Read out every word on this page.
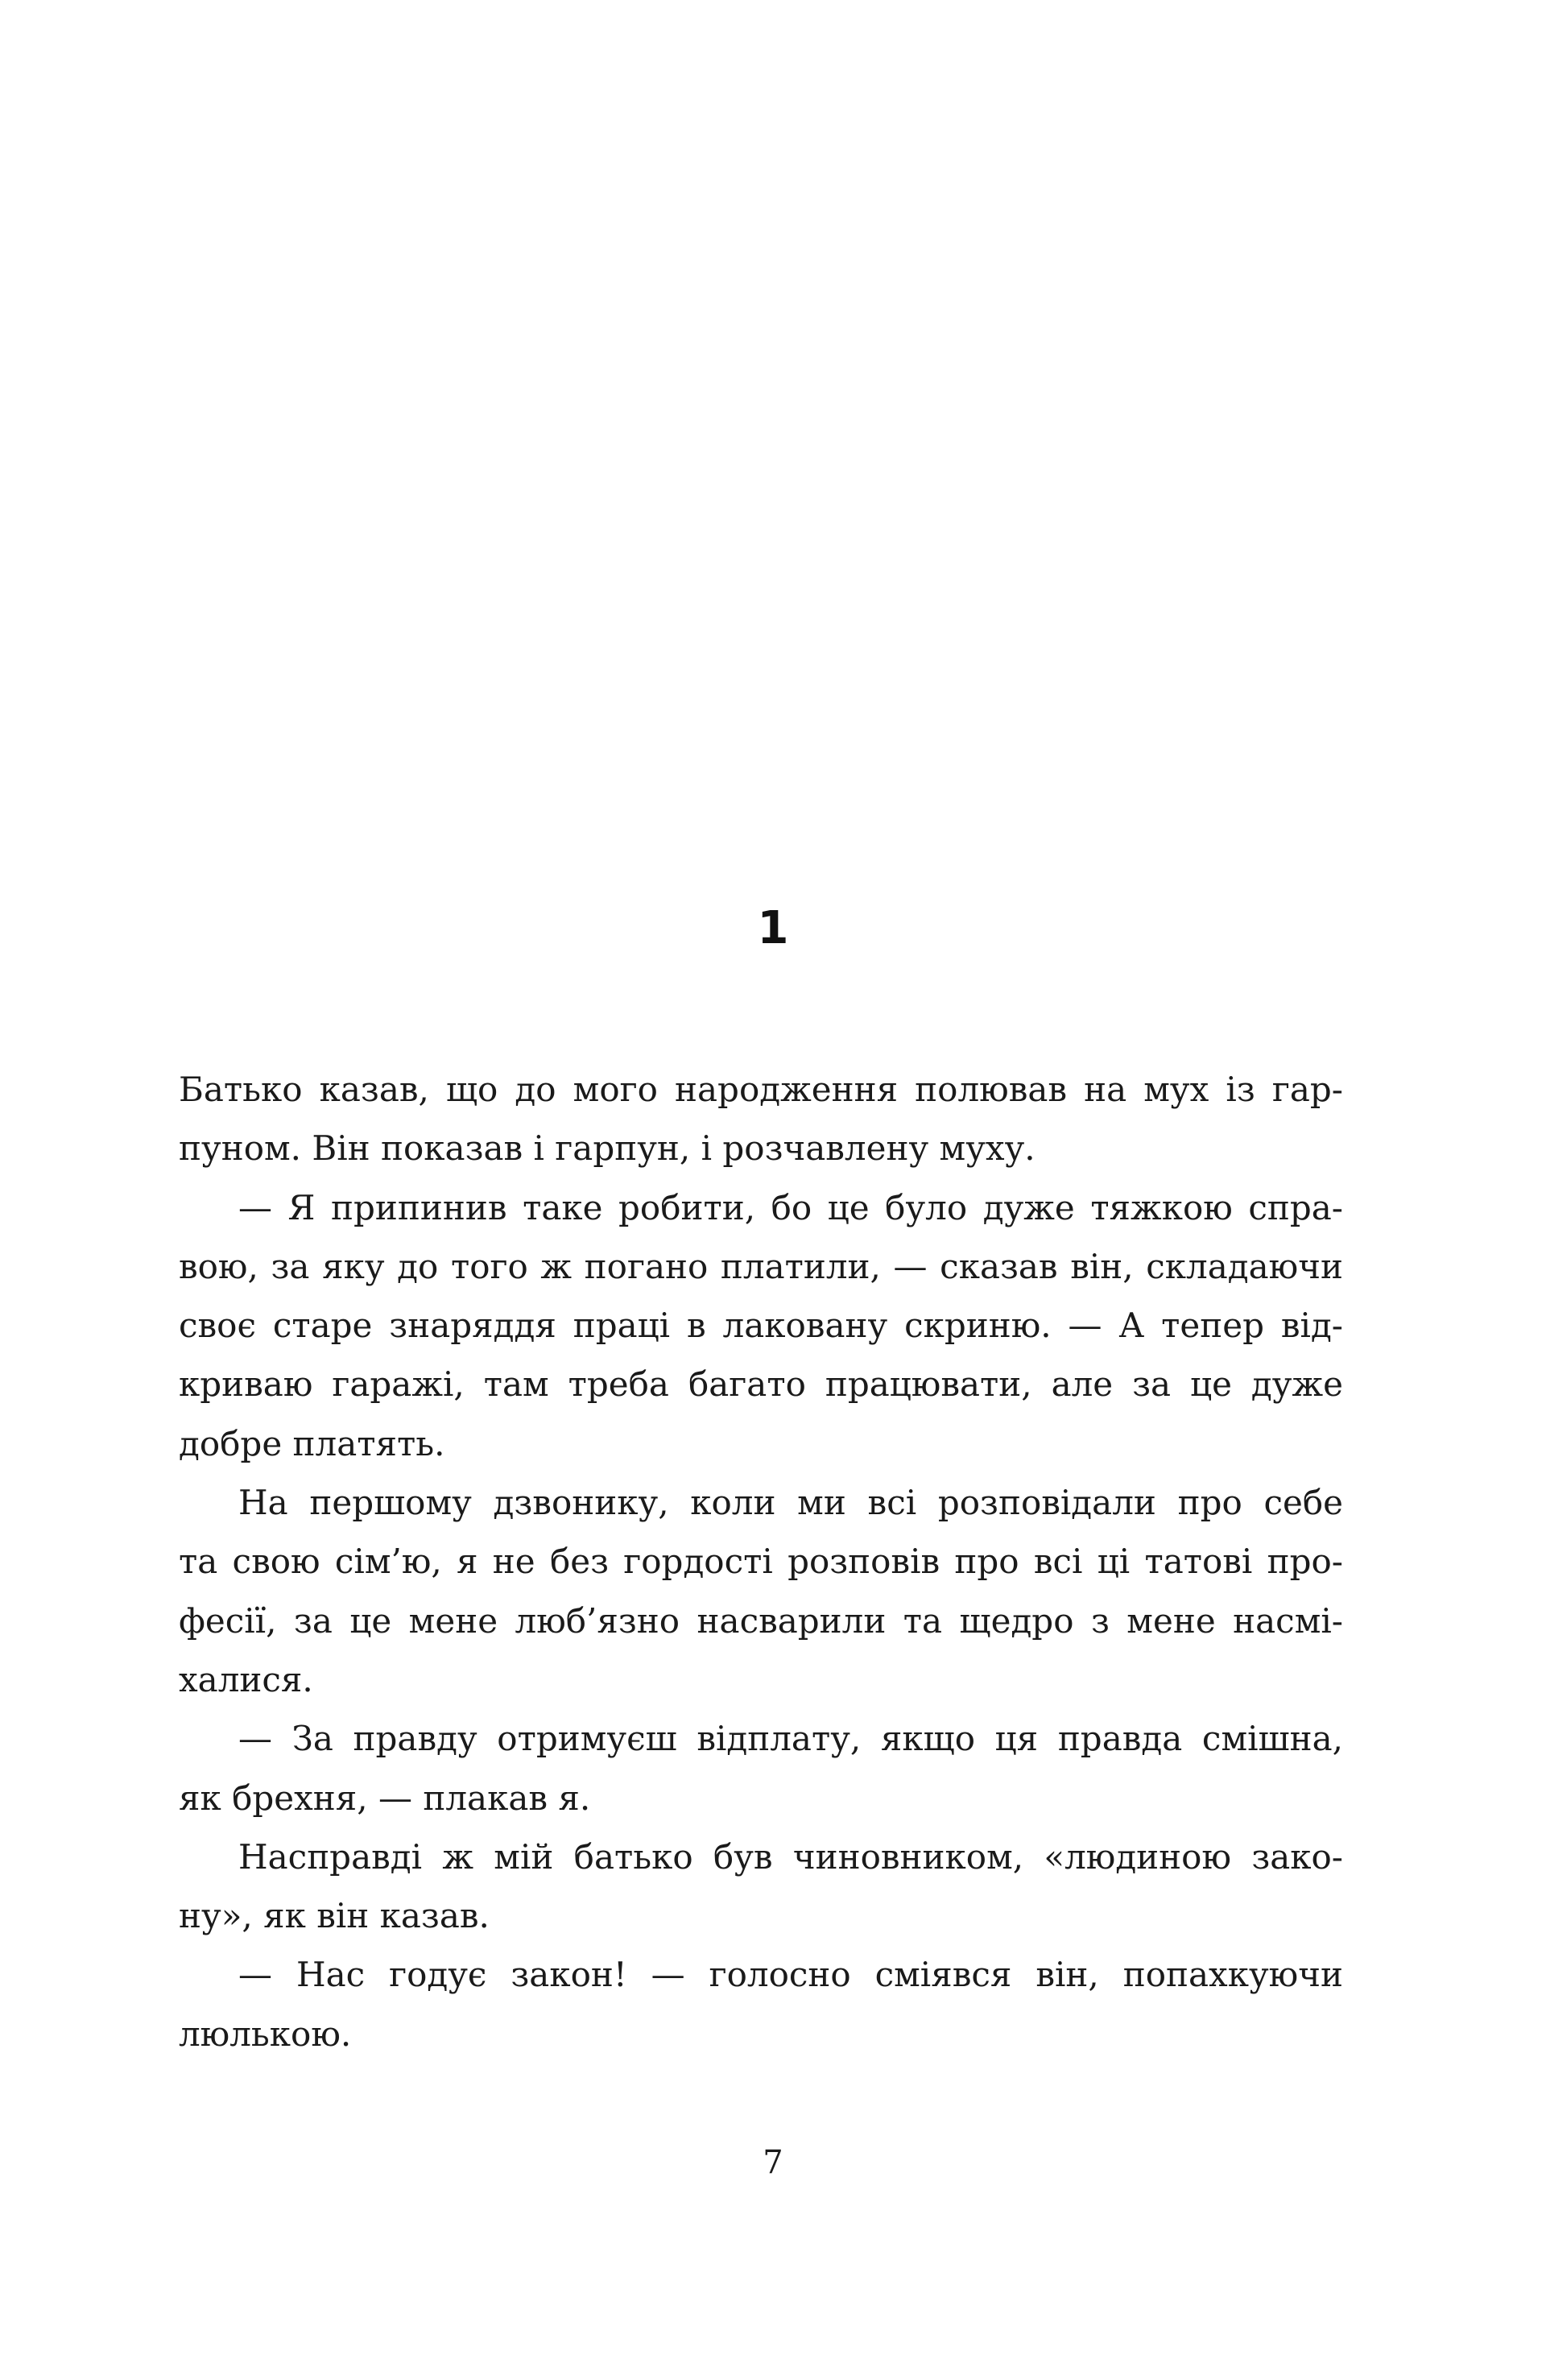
1
Батько казав, що до мого народження полював на мух із гар-
пуном. Він показав і гарпун, і розчавлену муху.
— Я припинив таке робити, бо це було дуже тяжкою спра-
вою, за яку до того ж погано платили, — сказав він, складаючи
своє старе знаряддя праці в лаковану скриню. — А тепер від-
криваю гаражі, там треба багато працювати, але за це дуже
добре платять.
На першому дзвонику, коли ми всі розповідали про себе
та свою сім’ю, я не без гордості розповів про всі ці татові про-
фесії, за це мене люб’язно насварили та щедро з мене насмі-
халися.
— За правду отримуєш відплату, якщо ця правда смішна,
як брехня, — плакав я.
Насправді ж мій батько був чиновником, «людиною зако-
ну», як він казав.
— Нас годує закон! — голосно сміявся він, попахкуючи
люлькою.
7
